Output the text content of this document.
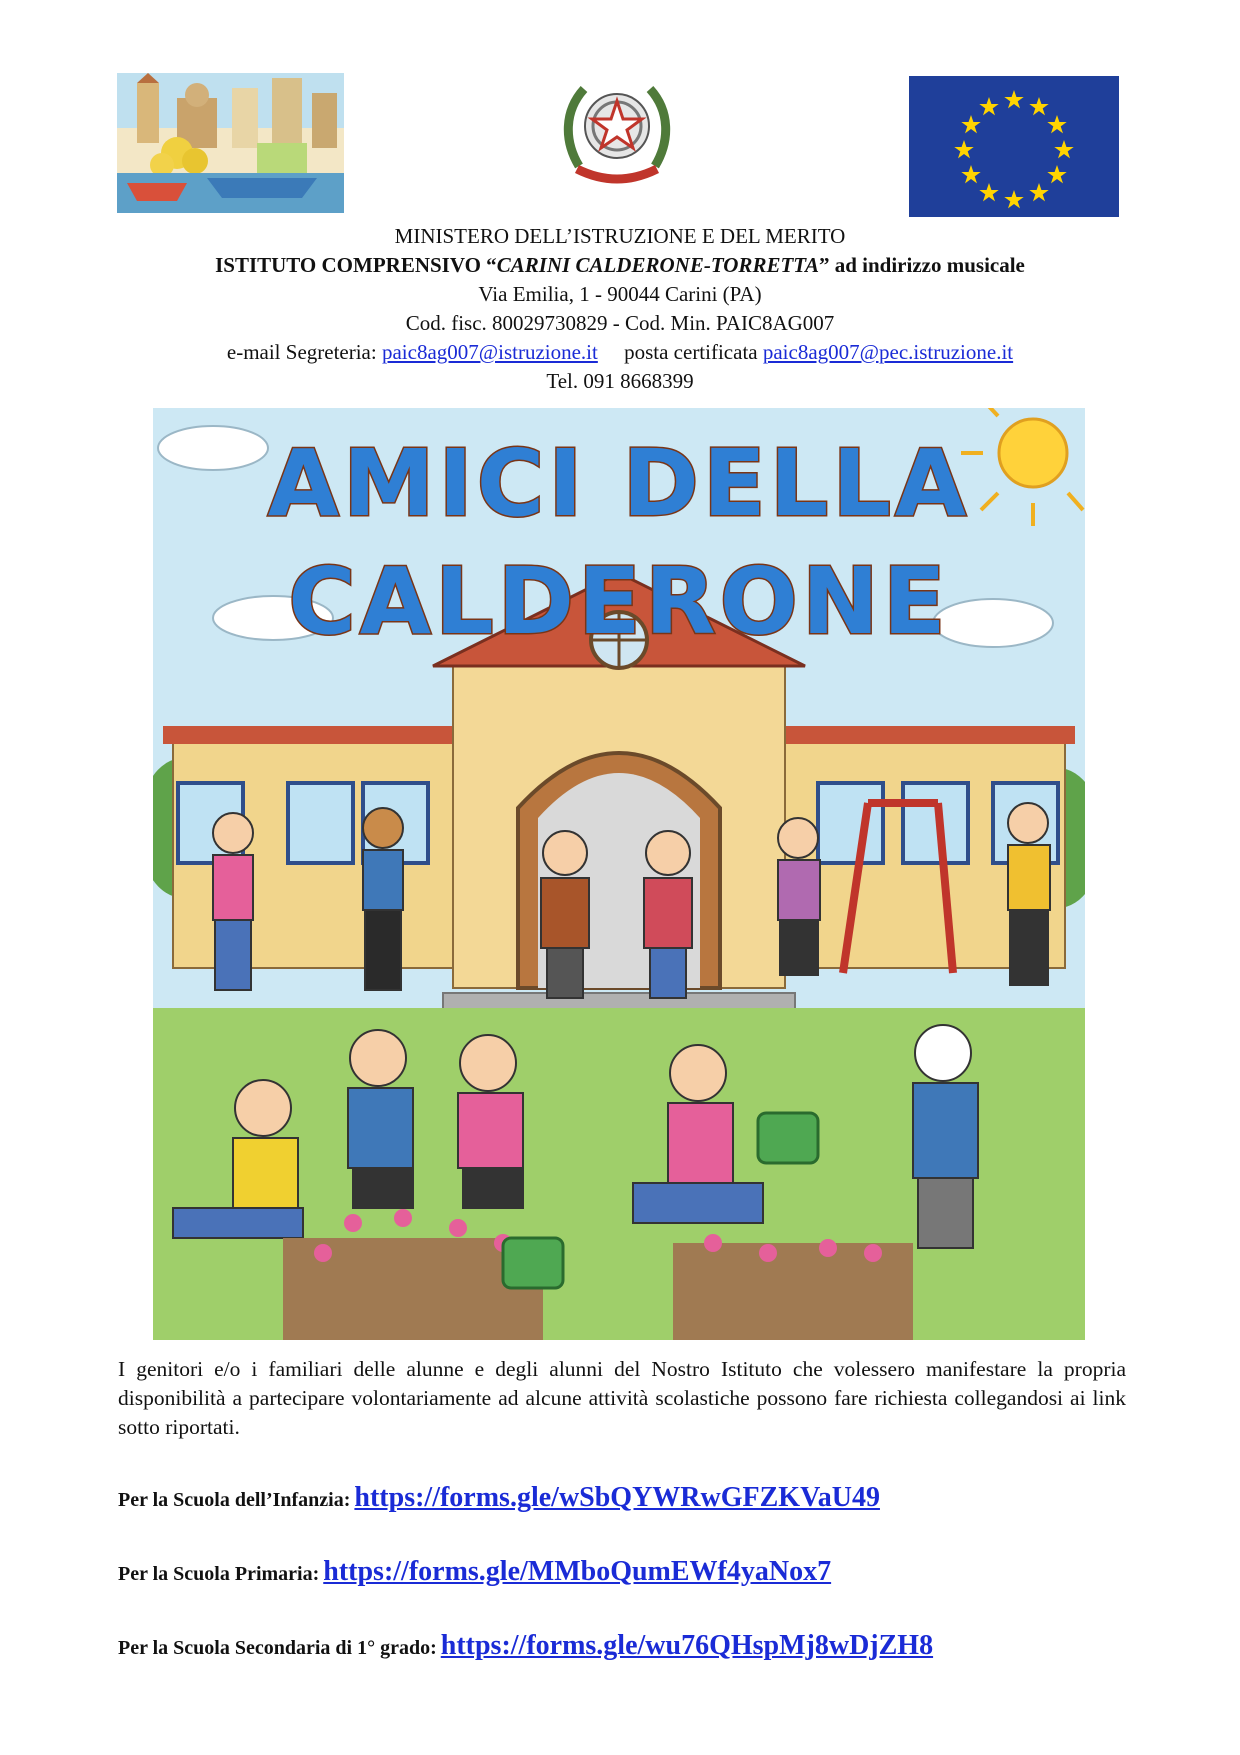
MINISTERO DELL’ISTRUZIONE E DEL MERITO
ISTITUTO COMPRENSIVO “CARINI CALDERONE-TORRETTA” ad indirizzo musicale
Via Emilia, 1 - 90044 Carini (PA)
Cod. fisc. 80029730829 - Cod. Min. PAIC8AG007
e-mail Segreteria: paic8ag007@istruzione.it posta certificata paic8ag007@pec.istruzione.it
Tel. 091 8668399
AMICI DELLA
CALDERONE
I genitori e/o i familiari delle alunne e degli alunni del Nostro Istituto che volessero manifestare la propria disponibilità a partecipare volontariamente ad alcune attività scolastiche possono fare richiesta collegandosi ai link sotto riportati.
Per la Scuola dell’Infanzia: https://forms.gle/wSbQYWRwGFZKVaU49
Per la Scuola Primaria: https://forms.gle/MMboQumEWf4yaNox7
Per la Scuola Secondaria di 1° grado: https://forms.gle/wu76QHspMj8wDjZH8
